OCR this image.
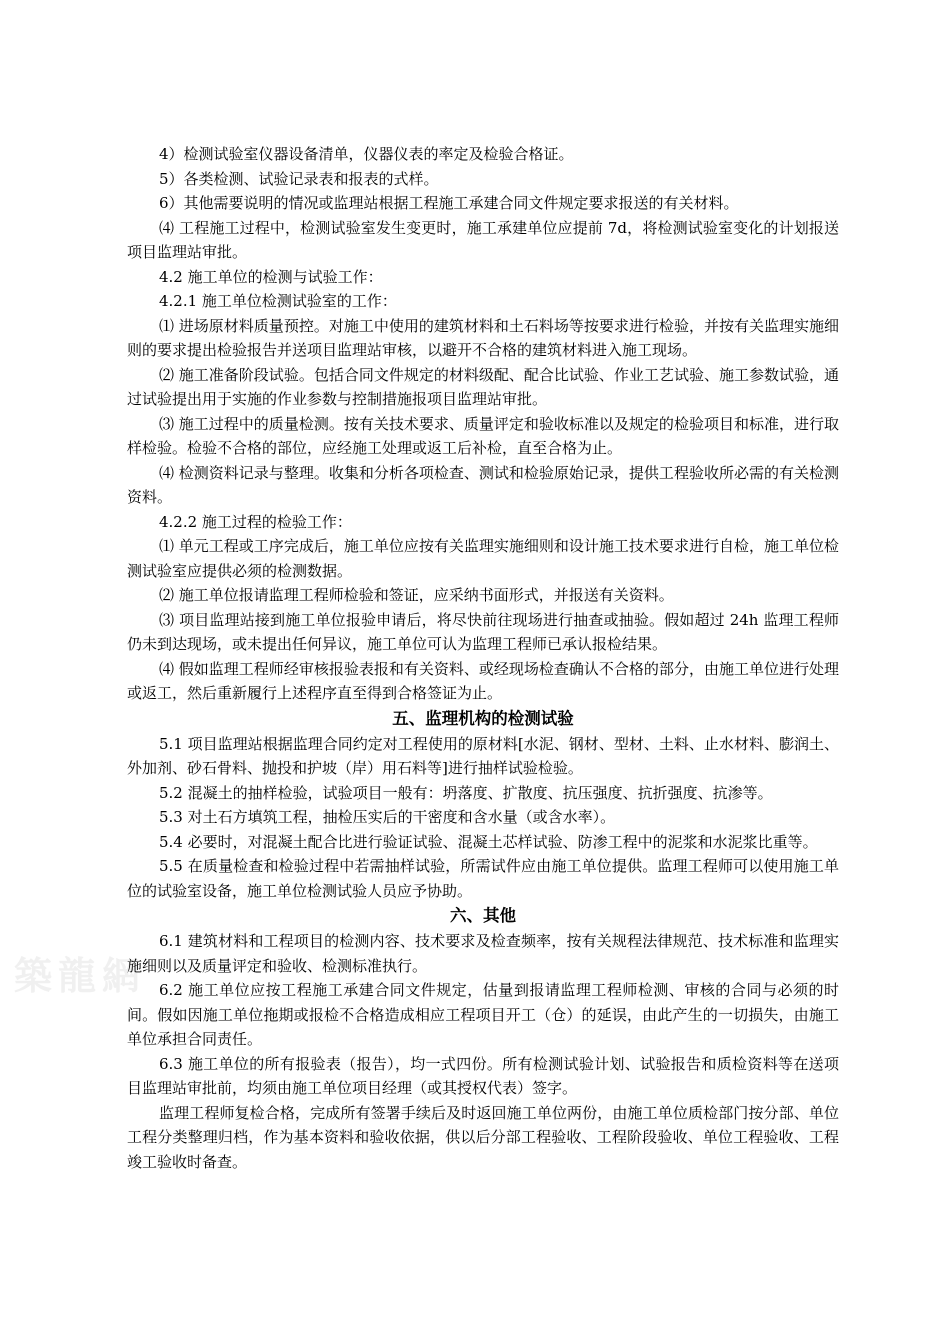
築龍網

4）检测试验室仪器设备清单，仪器仪表的率定及检验合格证。

5）各类检测、试验记录表和报表的式样。

6）其他需要说明的情况或监理站根据工程施工承建合同文件规定要求报送的有关材料。

⑷ 工程施工过程中，检测试验室发生变更时，施工承建单位应提前 7d，将检测试验室变化的计划报送项目监理站审批。

4.2 施工单位的检测与试验工作：

4.2.1 施工单位检测试验室的工作：

⑴ 进场原材料质量预控。对施工中使用的建筑材料和土石料场等按要求进行检验，并按有关监理实施细则的要求提出检验报告并送项目监理站审核，以避开不合格的建筑材料进入施工现场。

⑵ 施工准备阶段试验。包括合同文件规定的材料级配、配合比试验、作业工艺试验、施工参数试验，通过试验提出用于实施的作业参数与控制措施报项目监理站审批。

⑶ 施工过程中的质量检测。按有关技术要求、质量评定和验收标准以及规定的检验项目和标准，进行取样检验。检验不合格的部位，应经施工处理或返工后补检，直至合格为止。

⑷ 检测资料记录与整理。收集和分析各项检查、测试和检验原始记录，提供工程验收所必需的有关检测资料。

4.2.2 施工过程的检验工作：

⑴ 单元工程或工序完成后，施工单位应按有关监理实施细则和设计施工技术要求进行自检，施工单位检测试验室应提供必须的检测数据。

⑵ 施工单位报请监理工程师检验和签证，应采纳书面形式，并报送有关资料。

⑶ 项目监理站接到施工单位报验申请后，将尽快前往现场进行抽查或抽验。假如超过 24h 监理工程师仍未到达现场，或未提出任何异议，施工单位可认为监理工程师已承认报检结果。

⑷ 假如监理工程师经审核报验表报和有关资料、或经现场检查确认不合格的部分，由施工单位进行处理或返工，然后重新履行上述程序直至得到合格签证为止。

五、监理机构的检测试验

5.1 项目监理站根据监理合同约定对工程使用的原材料[水泥、钢材、型材、土料、止水材料、膨润土、外加剂、砂石骨料、抛投和护坡（岸）用石料等]进行抽样试验检验。

5.2 混凝土的抽样检验，试验项目一般有：坍落度、扩散度、抗压强度、抗折强度、抗渗等。

5.3 对土石方填筑工程，抽检压实后的干密度和含水量（或含水率）。

5.4 必要时，对混凝土配合比进行验证试验、混凝土芯样试验、防渗工程中的泥浆和水泥浆比重等。

5.5 在质量检查和检验过程中若需抽样试验，所需试件应由施工单位提供。监理工程师可以使用施工单位的试验室设备，施工单位检测试验人员应予协助。

六、其他

6.1 建筑材料和工程项目的检测内容、技术要求及检查频率，按有关规程法律规范、技术标准和监理实施细则以及质量评定和验收、检测标准执行。

6.2 施工单位应按工程施工承建合同文件规定，估量到报请监理工程师检测、审核的合同与必须的时间。假如因施工单位拖期或报检不合格造成相应工程项目开工（仓）的延误，由此产生的一切损失，由施工单位承担合同责任。

6.3 施工单位的所有报验表（报告），均一式四份。所有检测试验计划、试验报告和质检资料等在送项目监理站审批前，均须由施工单位项目经理（或其授权代表）签字。

监理工程师复检合格，完成所有签署手续后及时返回施工单位两份，由施工单位质检部门按分部、单位工程分类整理归档，作为基本资料和验收依据，供以后分部工程验收、工程阶段验收、单位工程验收、工程竣工验收时备查。
